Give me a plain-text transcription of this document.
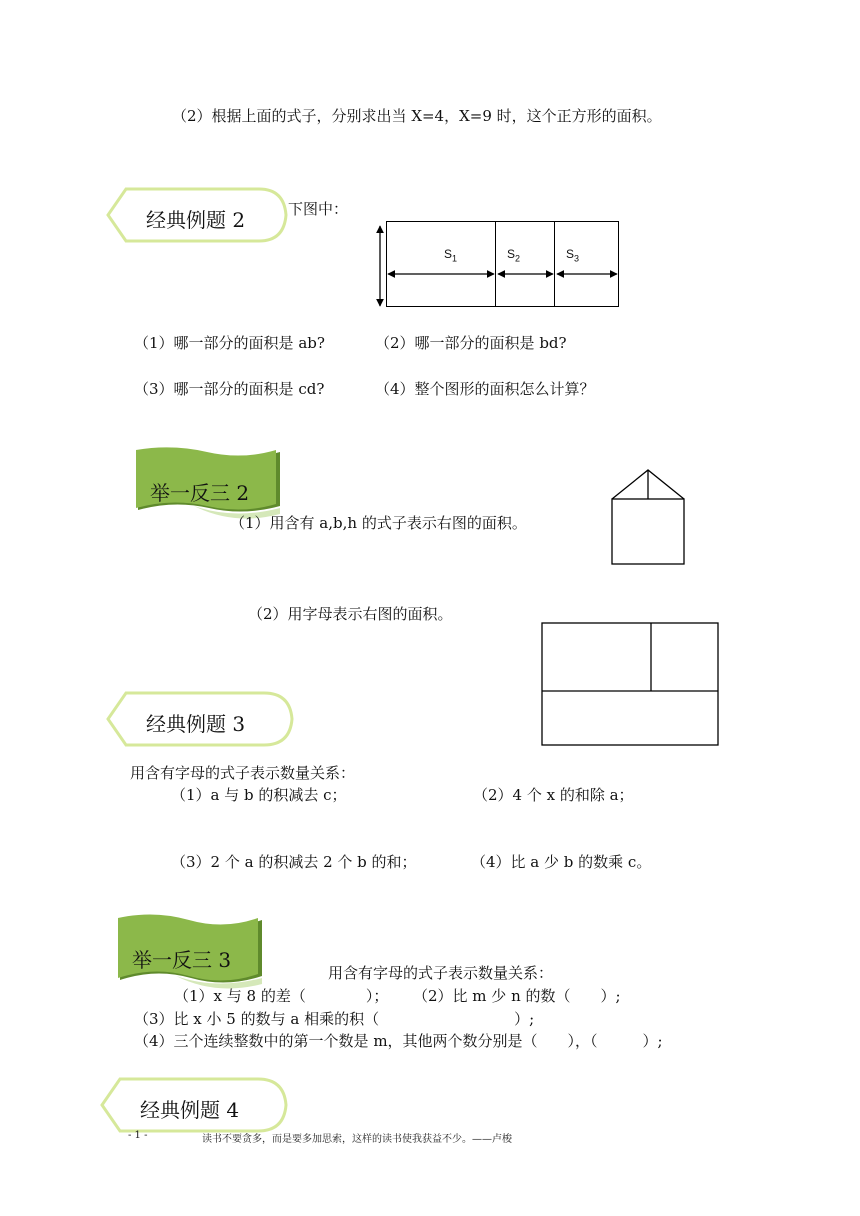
（2）根据上面的式子，分别求出当 X=4，X=9 时，这个正方形的面积。
经典例题 2	下图中：
$S_1$	$S_2$	$S_3$
（1）哪一部分的面积是 ab?	（2）哪一部分的面积是 bd?
（3）哪一部分的面积是 cd?	（4）整个图形的面积怎么计算？
举一反三 2
（1）用含有 a,b,h 的式子表示右图的面积。
（2）用字母表示右图的面积。
经典例题 3
用含有字母的式子表示数量关系：
（1）a 与 b 的积减去 c；	（2）4 个 x 的和除 a；
（3）2 个 a 的积减去 2 个 b 的和；	（4）比 a 少 b 的数乘 c。
举一反三 3
用含有字母的式子表示数量关系：
（1）x 与 8 的差（　　　　）； （2）比 m 少 n 的数（　　）;
（3）比 x 小 5 的数与 a 相乘的积（　　　　　　　　　）;
（4）三个连续整数中的第一个数是 m，其他两个数分别是（　　），（　　　）;
经典例题 4
- 1 -	读书不要贪多，而是要多加思索，这样的读书使我获益不少。——卢梭
